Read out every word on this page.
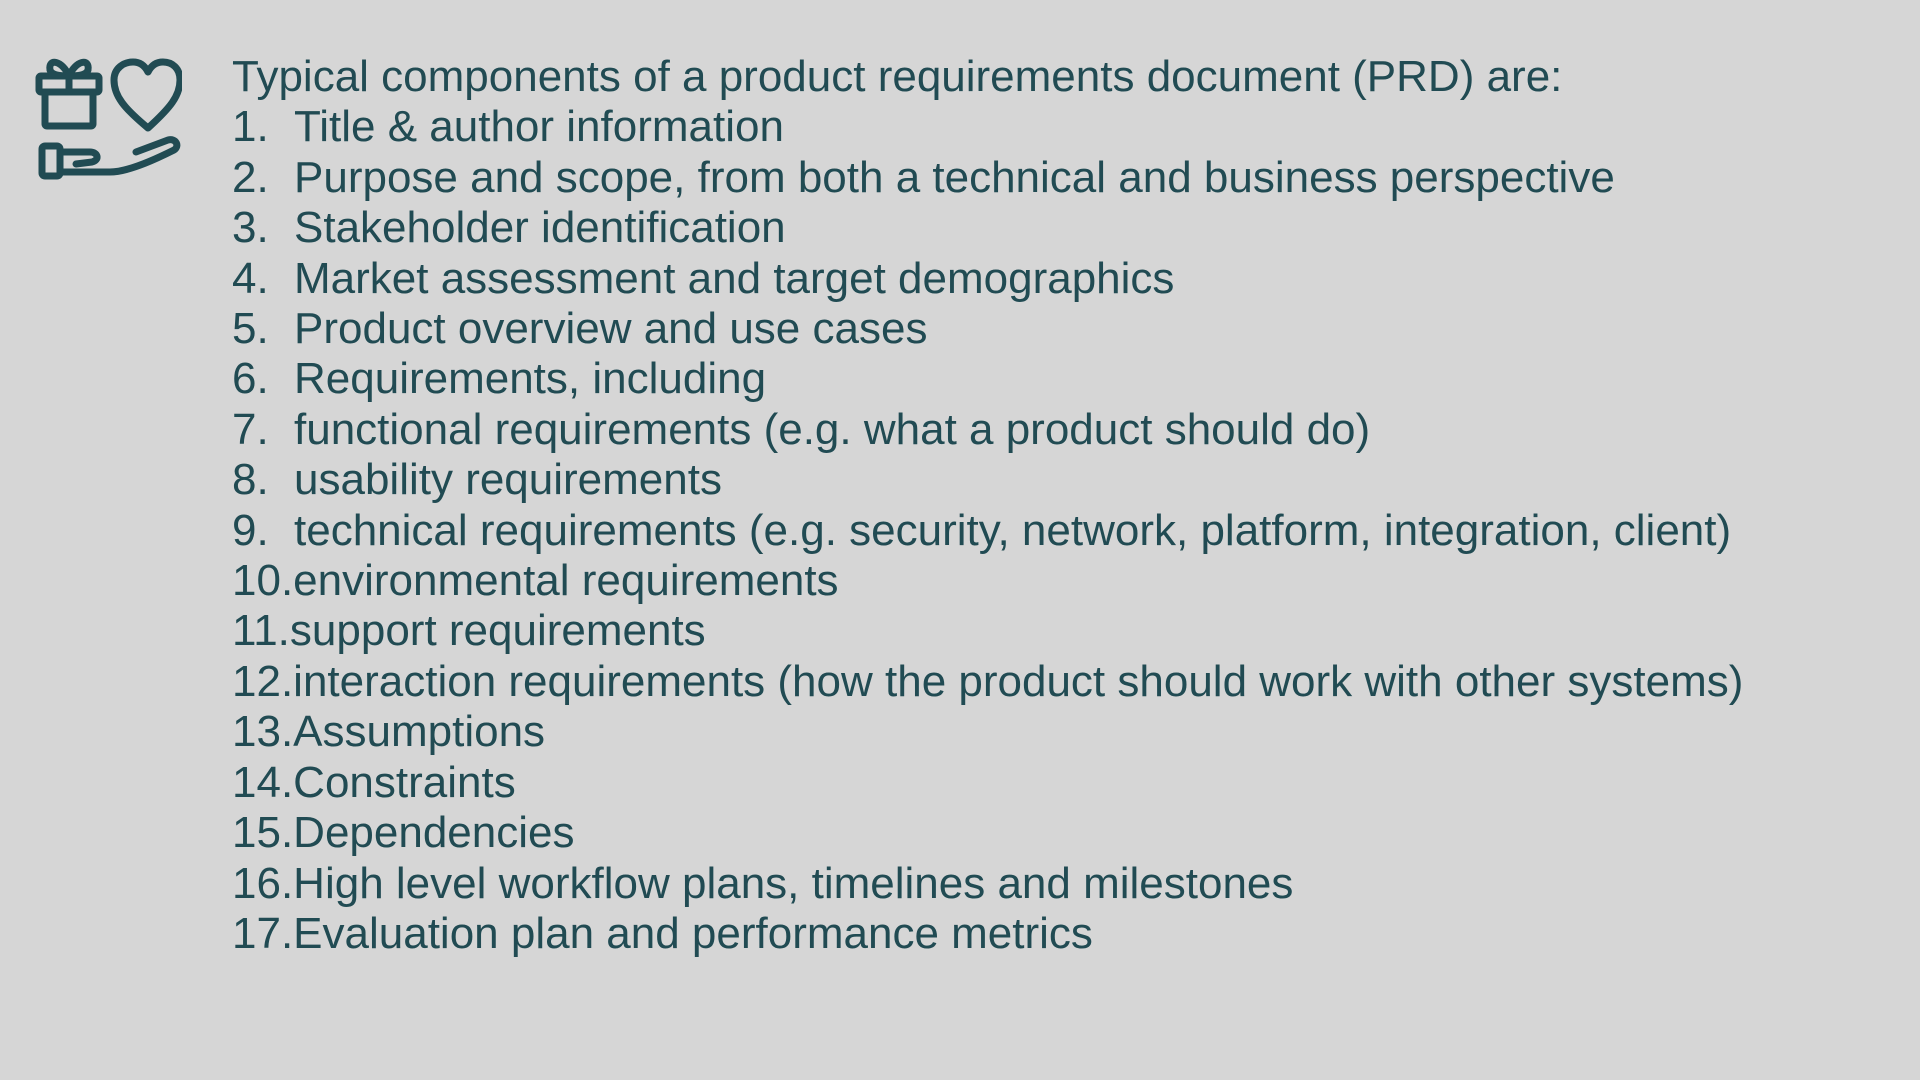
Typical components of a product requirements document (PRD) are:

1. Title & author information
2. Purpose and scope, from both a technical and business perspective
3. Stakeholder identification
4. Market assessment and target demographics
5. Product overview and use cases
6. Requirements, including
7. functional requirements (e.g. what a product should do)
8. usability requirements
9. technical requirements (e.g. security, network, platform, integration, client)
10. environmental requirements
11. support requirements
12. interaction requirements (how the product should work with other systems)
13. Assumptions
14. Constraints
15. Dependencies
16. High level workflow plans, timelines and milestones
17. Evaluation plan and performance metrics
